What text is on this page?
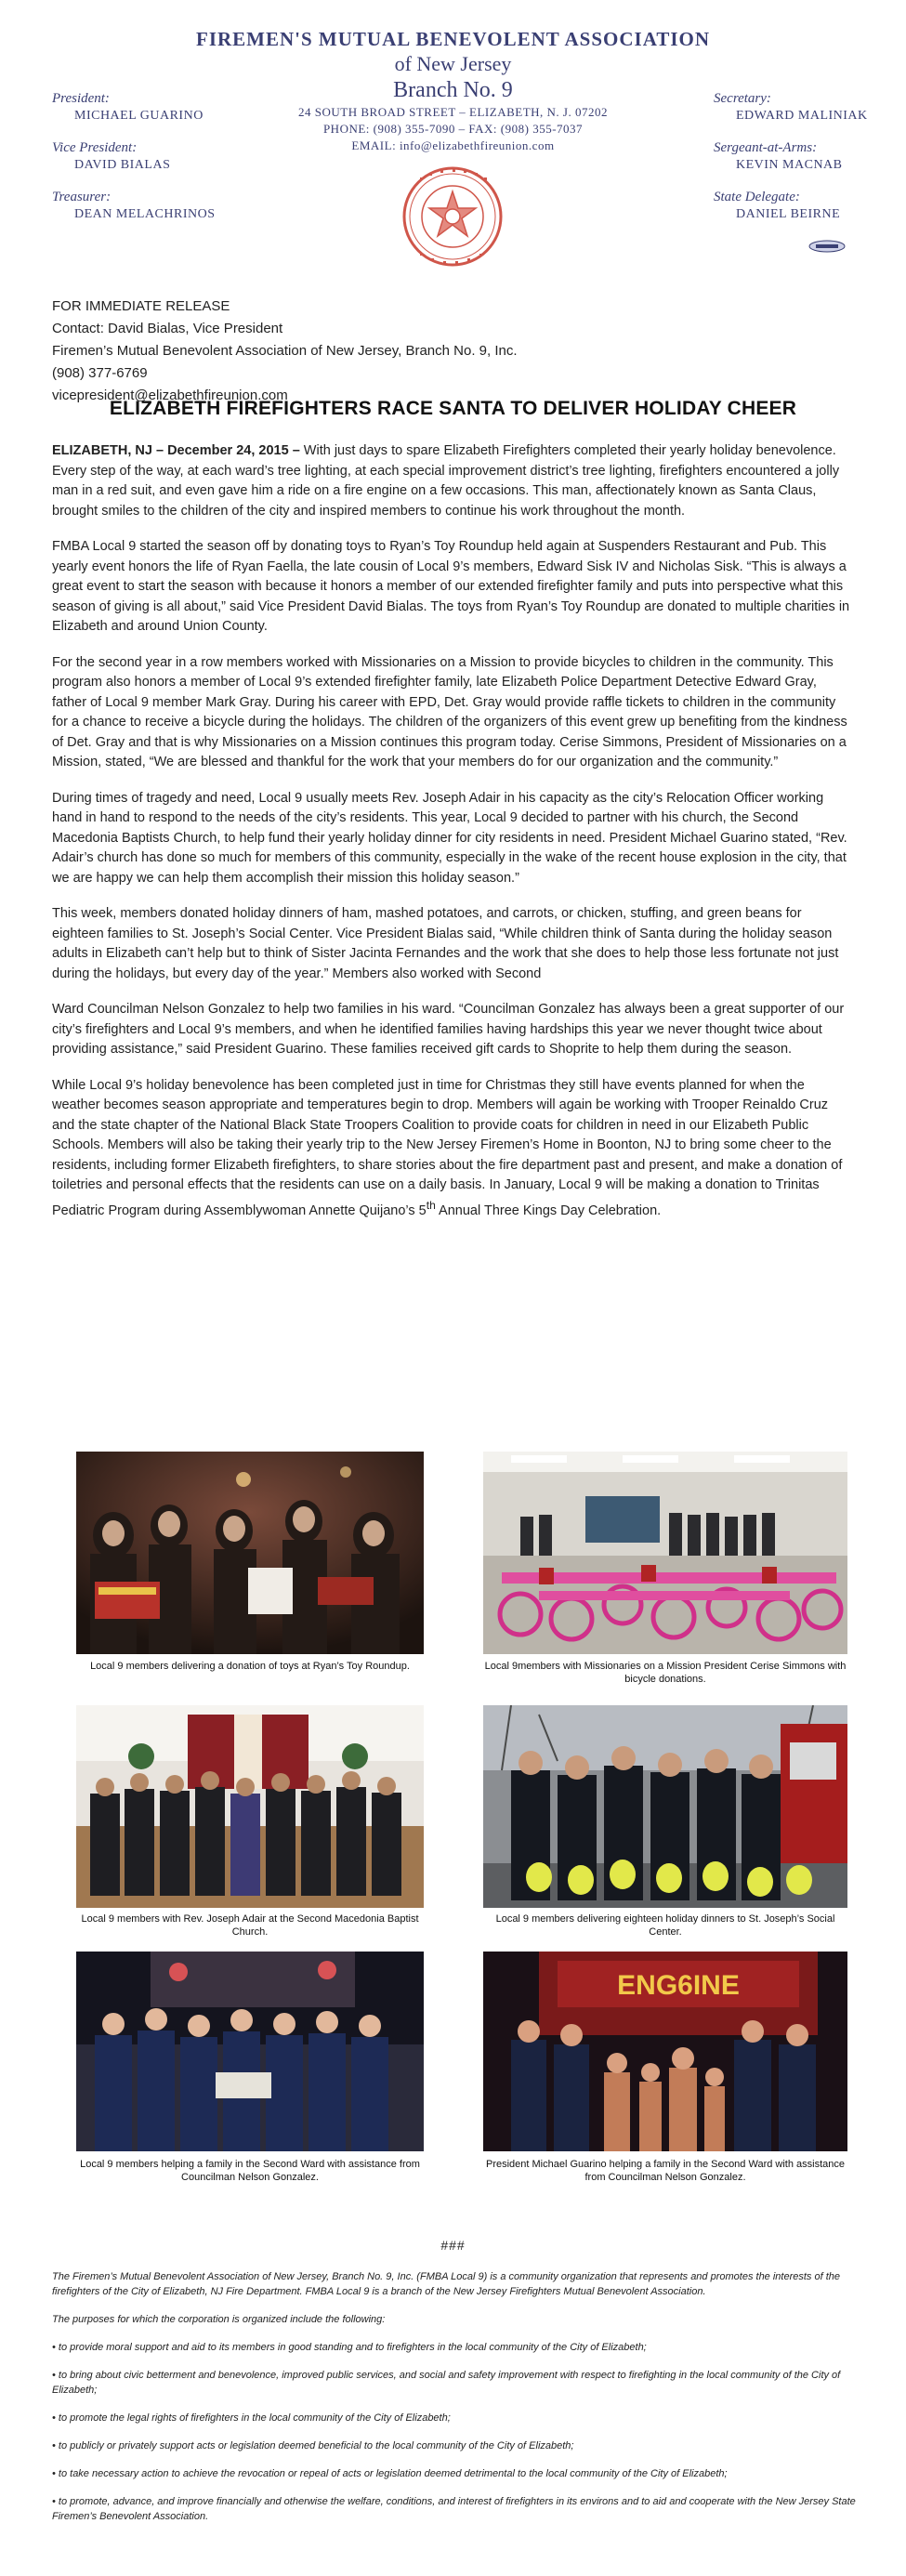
FIREMEN'S MUTUAL BENEVOLENT ASSOCIATION
of New Jersey
Branch No. 9
24 SOUTH BROAD STREET – ELIZABETH, N. J. 07202
PHONE: (908) 355-7090 – FAX: (908) 355-7037
EMAIL: info@elizabethfireunion.com
President:
MICHAEL GUARINO
Vice President:
DAVID BIALAS
Treasurer:
DEAN MELACHRINOS
Secretary:
EDWARD MALINIAK
Sergeant-at-Arms:
KEVIN MACNAB
State Delegate:
DANIEL BEIRNE
FOR IMMEDIATE RELEASE
Contact: David Bialas, Vice President
Firemen’s Mutual Benevolent Association of New Jersey, Branch No. 9, Inc.
(908) 377-6769
vicepresident@elizabethfireunion.com
ELIZABETH FIREFIGHTERS RACE SANTA TO DELIVER HOLIDAY CHEER

ELIZABETH, NJ – December 24, 2015 – With just days to spare Elizabeth Firefighters completed their yearly holiday benevolence. Every step of the way, at each ward’s tree lighting, at each special improvement district’s tree lighting, firefighters encountered a jolly man in a red suit, and even gave him a ride on a fire engine on a few occasions. This man, affectionately known as Santa Claus, brought smiles to the children of the city and inspired members to continue his work throughout the month.

FMBA Local 9 started the season off by donating toys to Ryan’s Toy Roundup held again at Suspenders Restaurant and Pub. This yearly event honors the life of Ryan Faella, the late cousin of Local 9’s members, Edward Sisk IV and Nicholas Sisk. “This is always a great event to start the season with because it honors a member of our extended firefighter family and puts into perspective what this season of giving is all about,” said Vice President David Bialas. The toys from Ryan’s Toy Roundup are donated to multiple charities in Elizabeth and around Union County.

For the second year in a row members worked with Missionaries on a Mission to provide bicycles to children in the community. This program also honors a member of Local 9’s extended firefighter family, late Elizabeth Police Department Detective Edward Gray, father of Local 9 member Mark Gray. During his career with EPD, Det. Gray would provide raffle tickets to children in the community for a chance to receive a bicycle during the holidays. The children of the organizers of this event grew up benefiting from the kindness of Det. Gray and that is why Missionaries on a Mission continues this program today. Cerise Simmons, President of Missionaries on a Mission, stated, “We are blessed and thankful for the work that your members do for our organization and the community.”

During times of tragedy and need, Local 9 usually meets Rev. Joseph Adair in his capacity as the city’s Relocation Officer working hand in hand to respond to the needs of the city’s residents. This year, Local 9 decided to partner with his church, the Second Macedonia Baptists Church, to help fund their yearly holiday dinner for city residents in need. President Michael Guarino stated, “Rev. Adair’s church has done so much for members of this community, especially in the wake of the recent house explosion in the city, that we are happy we can help them accomplish their mission this holiday season.”

This week, members donated holiday dinners of ham, mashed potatoes, and carrots, or chicken, stuffing, and green beans for eighteen families to St. Joseph’s Social Center. Vice President Bialas said, “While children think of Santa during the holiday season adults in Elizabeth can’t help but to think of Sister Jacinta Fernandes and the work that she does to help those less fortunate not just during the holidays, but every day of the year.” Members also worked with Second

Ward Councilman Nelson Gonzalez to help two families in his ward. “Councilman Gonzalez has always been a great supporter of our city’s firefighters and Local 9’s members, and when he identified families having hardships this year we never thought twice about providing assistance,” said President Guarino. These families received gift cards to Shoprite to help them during the season.

While Local 9’s holiday benevolence has been completed just in time for Christmas they still have events planned for when the weather becomes season appropriate and temperatures begin to drop. Members will again be working with Trooper Reinaldo Cruz and the state chapter of the National Black State Troopers Coalition to provide coats for children in need in our Elizabeth Public Schools. Members will also be taking their yearly trip to the New Jersey Firemen’s Home in Boonton, NJ to bring some cheer to the residents, including former Elizabeth firefighters, to share stories about the fire department past and present, and make a donation of toiletries and personal effects that the residents can use on a daily basis. In January, Local 9 will be making a donation to Trinitas Pediatric Program during Assemblywoman Annette Quijano’s 5th Annual Three Kings Day Celebration.

Local 9 members delivering a donation of toys at Ryan’s Toy Roundup.	Local 9members with Missionaries on a Mission President Cerise Simmons with bicycle donations.
Local 9 members with Rev. Joseph Adair at the Second Macedonia Baptist Church.
Local 9 members delivering eighteen holiday dinners to St. Joseph’s Social Center.
Local 9 members helping a family in the Second Ward with assistance from Councilman Nelson Gonzalez.
ENG6INE
President Michael Guarino helping a family in the Second Ward with assistance from Councilman Nelson Gonzalez.
###

The Firemen’s Mutual Benevolent Association of New Jersey, Branch No. 9, Inc. (FMBA Local 9) is a community organization that represents and promotes the interests of the firefighters of the City of Elizabeth, NJ Fire Department. FMBA Local 9 is a branch of the New Jersey Firefighters Mutual Benevolent Association.

The purposes for which the corporation is organized include the following:

• to provide moral support and aid to its members in good standing and to firefighters in the local community of the City of Elizabeth;

• to bring about civic betterment and benevolence, improved public services, and social and safety improvement with respect to firefighting in the local community of the City of Elizabeth;

• to promote the legal rights of firefighters in the local community of the City of Elizabeth;

• to publicly or privately support acts or legislation deemed beneficial to the local community of the City of Elizabeth;

• to take necessary action to achieve the revocation or repeal of acts or legislation deemed detrimental to the local community of the City of Elizabeth;

• to promote, advance, and improve financially and otherwise the welfare, conditions, and interest of firefighters in its environs and to aid and cooperate with the New Jersey State Firemen’s Benevolent Association.
